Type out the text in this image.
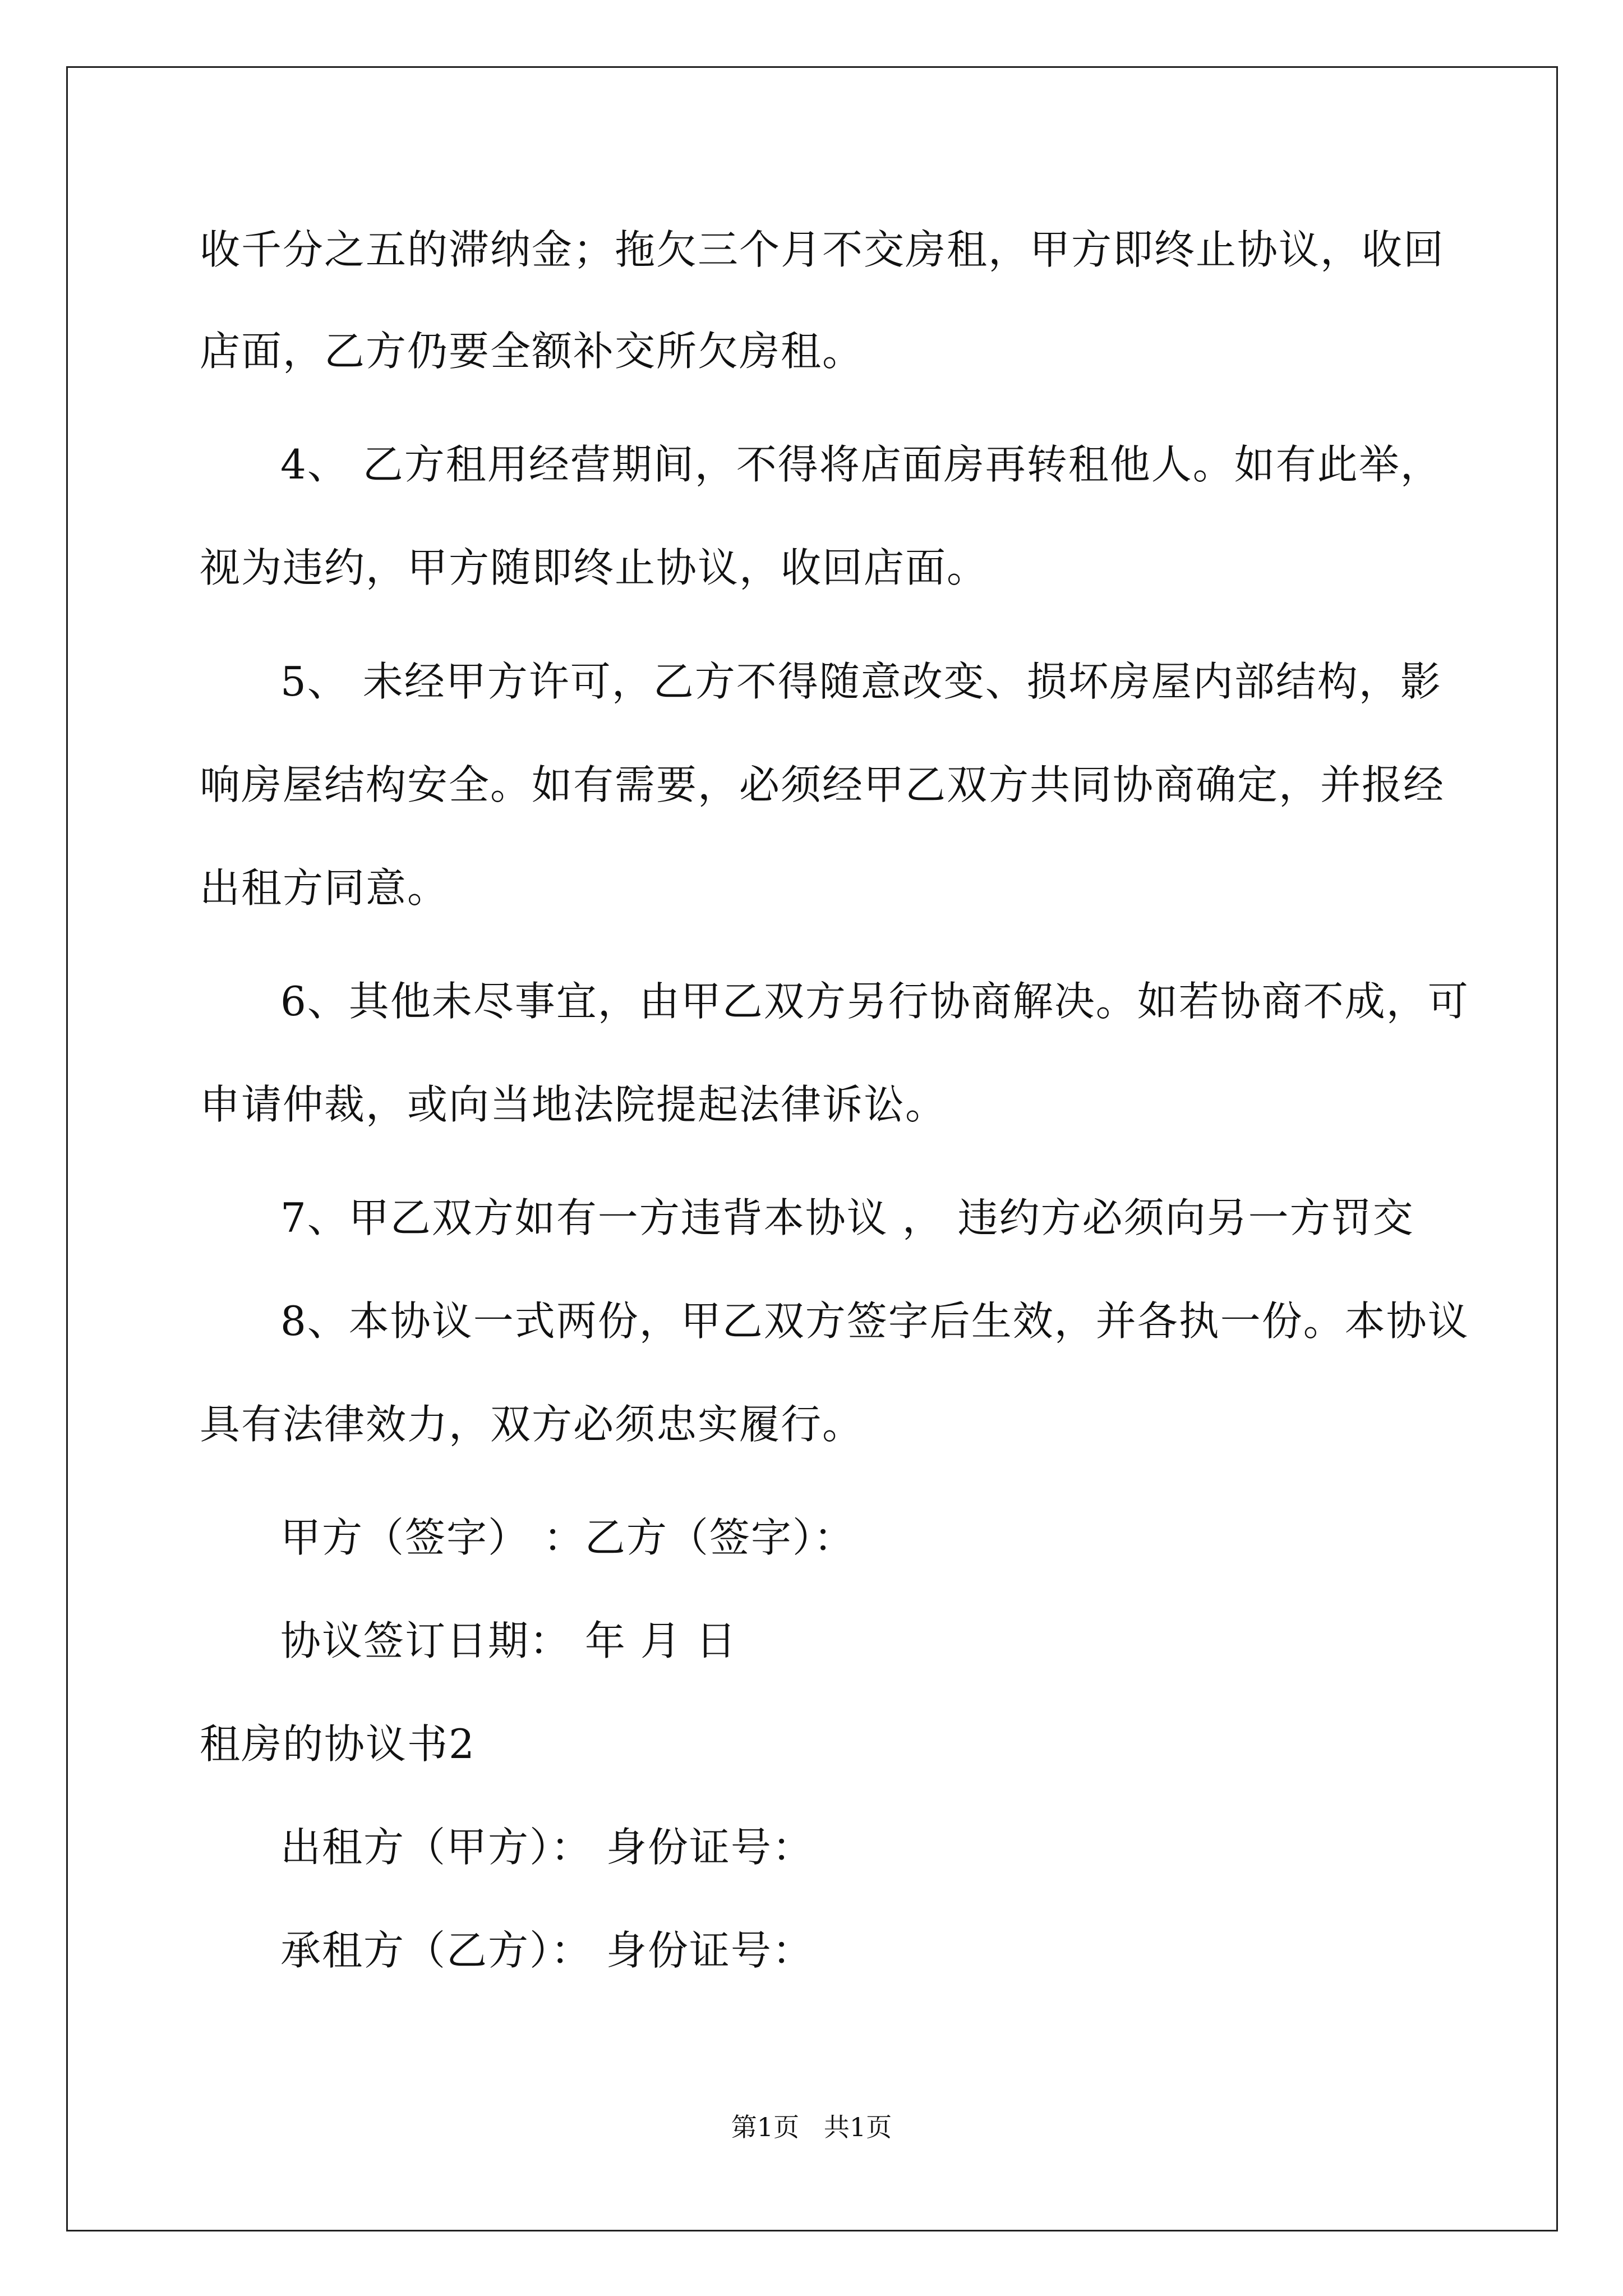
收千分之五的滞纳金；拖欠三个月不交房租，甲方即终止协议，收回
店面，乙方仍要全额补交所欠房租。
4、 乙方租用经营期间，不得将店面房再转租他人。如有此举，
视为违约，甲方随即终止协议，收回店面。
5、 未经甲方许可，乙方不得随意改变、损坏房屋内部结构，影
响房屋结构安全。如有需要，必须经甲乙双方共同协商确定，并报经
出租方同意。
6、其他未尽事宜，由甲乙双方另行协商解决。如若协商不成，可
申请仲裁，或向当地法院提起法律诉讼。
7、甲乙双方如有一方违背本协议 ， 违约方必须向另一方罚交
8、本协议一式两份，甲乙双方签字后生效，并各执一份。本协议
具有法律效力，双方必须忠实履行。
甲方（签字） ：乙方（签字）：
协议签订日期： 年 月 日
租房的协议书2
出租方（甲方）： 身份证号：
承租方（乙方）： 身份证号：
第1页   共1页
